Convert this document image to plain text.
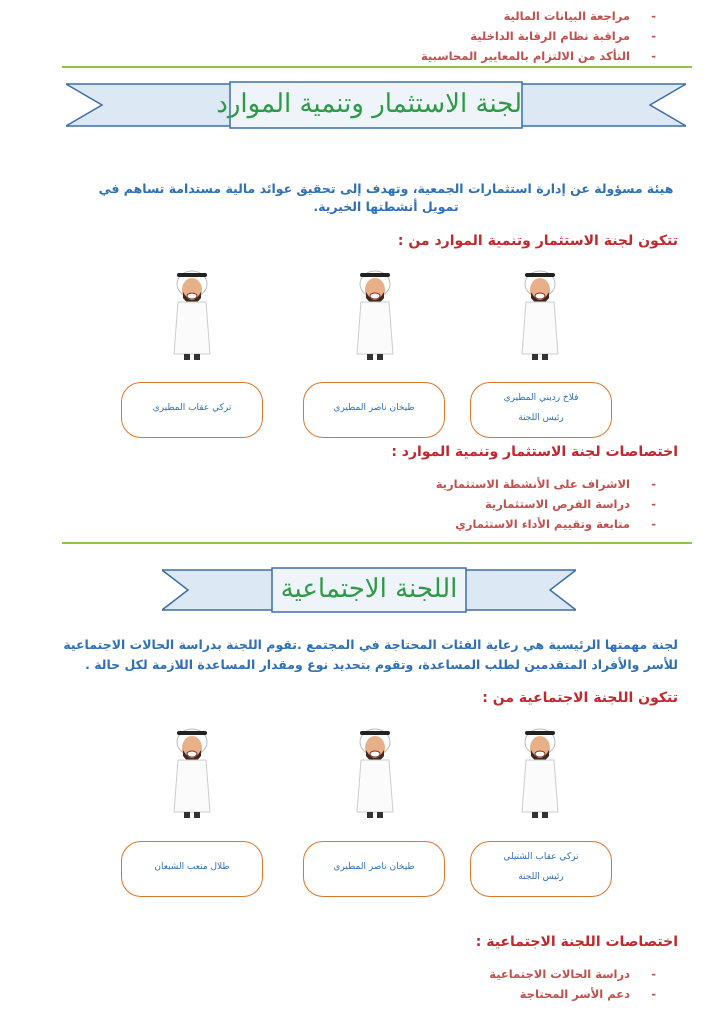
- مراجعة البيانات المالية
- مراقبة نظام الرقابة الداخلية
- التأكد من الالتزام بالمعايير المحاسبية
لجنة الاستثمار وتنمية الموارد
هيئة مسؤولة عن إدارة استثمارات الجمعية، وتهدف إلى تحقيق عوائد مالية مستدامة تساهم في تمويل أنشطتها الخيرية.
تتكون لجنة الاستثمار وتنمية الموارد من :
فلاح رديني المطيري
رئيس اللجنة
طيخان ناصر المطيري
تركي عقاب المطيري
اختصاصات لجنة الاستثمار وتنمية الموارد :
- الاشراف على الأنشطة الاستثمارية
- دراسة الفرص الاستثمارية
- متابعة وتقييم الأداء الاستثماري
اللجنة الاجتماعية
لجنة مهمتها الرئيسية هي رعاية الفئات المحتاجة في المجتمع .تقوم اللجنة بدراسة الحالات الاجتماعية
للأسر والأفراد المتقدمين لطلب المساعدة، وتقوم بتحديد نوع ومقدار المساعدة اللازمة لكل حالة .
تتكون اللجنة الاجتماعية من :
تركي عقاب الشتيلي
رئيس اللجنة
طيخان ناصر المطيري
طلال متعب الشيعان
اختصاصات اللجنة الاجتماعية :
- دراسة الحالات الاجتماعية
- دعم الأسر المحتاجة
